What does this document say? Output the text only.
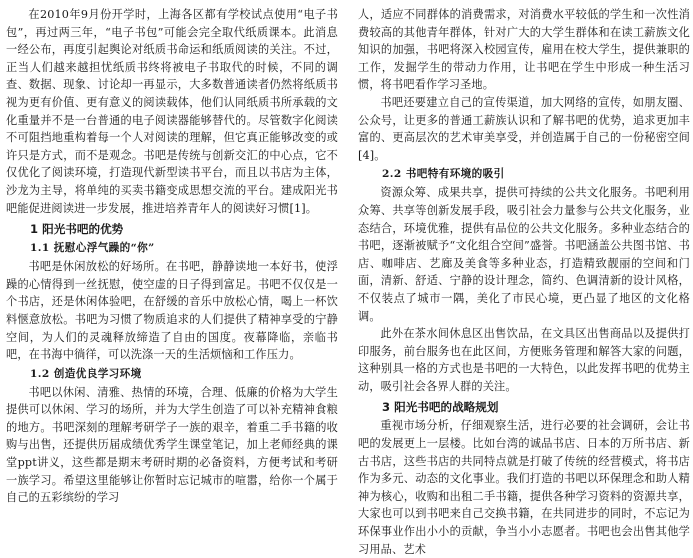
在2010年9月份开学时，上海各区都有学校试点使用“电子书包”，再过两三年，“电子书包”可能会完全取代纸质课本。此消息一经公布，再度引起舆论对纸质书命运和纸质阅读的关注。不过，正当人们越来越担忧纸质书终将被电子书取代的时候，不同的调查、数据、现象、讨论却一再显示，大多数普通读者仍然将纸质书视为更有价值、更有意义的阅读载体，他们认同纸质书所承载的文化重量并不是一台普通的电子阅读器能够替代的。尽管数字化阅读不可阻挡地重构着每一个人对阅读的理解，但它真正能够改变的或许只是方式，而不是观念。书吧是传统与创新交汇的中心点，它不仅优化了阅读环境，打造现代新型读书平台，而且以书店为主体，沙龙为主导，将单纯的买卖书籍变成思想交流的平台。建成阳光书吧能促进阅读进一步发展，推进培养青年人的阅读好习惯[1]。

1 阳光书吧的优势
1.1 抚慰心浮气躁的“你”

书吧是休闲放松的好场所。在书吧，静静读地一本好书，使浮躁的心情得到一丝抚慰，使空虚的日子得到富足。书吧不仅仅是一个书店，还是休闲体验吧，在舒缓的音乐中放松心情，喝上一杯饮料惬意放松。书吧为习惯了物质追求的人们提供了精神享受的宁静空间，为人们的灵魂释放缔造了自由的国度。夜幕降临，亲临书吧，在书海中徜徉，可以洗涤一天的生活烦恼和工作压力。

1.2 创造优良学习环境

书吧以休闲、清雅、热情的环境，合理、低廉的价格为大学生提供可以休闲、学习的场所，并为大学生创造了可以补充精神食粮的地方。书吧深刻的理解考研学子一族的艰辛，着重二手书籍的收购与出售，还提供历届成绩优秀学生课堂笔记，加上老师经典的课堂ppt讲义，这些都是期末考研时期的必备资料，方便考试和考研一族学习。希望这里能够让你暂时忘记城市的喧嚣，给你一个属于自己的五彩缤纷的学习

人，适应不同群体的消费需求，对消费水平较低的学生和一次性消费较高的其他青年群体，针对广大的大学生群体和在读工薪族文化知识的加强，书吧将深入校园宣传，雇用在校大学生，提供兼职的工作，发掘学生的带动力作用，让书吧在学生中形成一种生活习惯，将书吧看作学习圣地。

书吧还要建立自己的宣传渠道，加大网络的宣传，如朋友圈、公众号，让更多的普通工薪族认识和了解书吧的优势，追求更加丰富的、更高层次的艺术审美享受，并创造属于自己的一份秘密空间[4]。

2.2 书吧特有环境的吸引

资源众筹、成果共享，提供可持续的公共文化服务。书吧利用众筹、共享等创新发展手段，吸引社会力量参与公共文化服务，业态结合，环境优雅，提供有品位的公共文化服务。多种业态结合的书吧，逐渐被赋予“文化组合空间”盛誉。书吧涵盖公共图书馆、书店、咖啡店、艺廊及美食等多种业态，打造精致靓丽的空间和门面，清新、舒适、宁静的设计理念，简约、色调清新的设计风格，不仅装点了城市一隅，美化了市民心境，更凸显了地区的文化格调。

此外在茶水间休息区出售饮品，在文具区出售商品以及提供打印服务，前台服务也在此区间，方便账务管理和解答大家的问题，这种别具一格的方式也是书吧的一大特色，以此发挥书吧的优势主动，吸引社会各界人群的关注。

3 阳光书吧的战略规划

重视市场分析，仔细观察生活，进行必要的社会调研，会让书吧的发展更上一层楼。比如台湾的诚品书店、日本的万所书店、新古书店，这些书店的共同特点就是打破了传统的经营模式，将书店作为多元、动态的文化事业。我们打造的书吧以环保理念和助人精神为核心，收购和出租二手书籍，提供各种学习资料的资源共享，大家也可以到书吧来自己交换书籍，在共同进步的同时，不忘记为环保事业作出小小的贡献，争当小小志愿者。书吧也会出售其他学习用品、艺术
